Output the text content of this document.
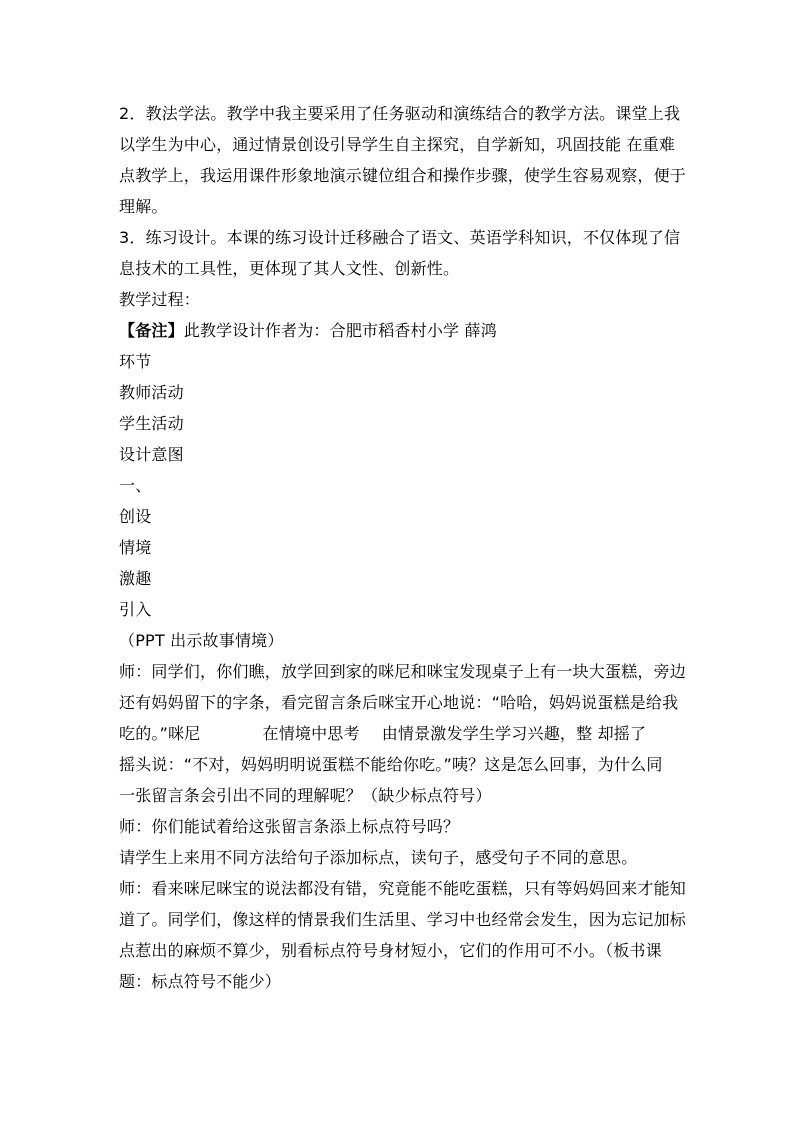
2．教法学法。教学中我主要采用了任务驱动和演练结合的教学方法。课堂上我
以学生为中心，通过情景创设引导学生自主探究，自学新知，巩固技能 在重难
点教学上，我运用课件形象地演示键位组合和操作步骤，使学生容易观察，便于
理解。
3．练习设计。本课的练习设计迁移融合了语文、英语学科知识，不仅体现了信
息技术的工具性，更体现了其人文性、创新性。
教学过程：
【备注】此教学设计作者为：合肥市稻香村小学 薛鸿
环节
教师活动
学生活动
设计意图
一、
创设
情境
激趣
引入
（PPT 出示故事情境）
师：同学们，你们瞧，放学回到家的咪尼和咪宝发现桌子上有一块大蛋糕，旁边
还有妈妈留下的字条，看完留言条后咪宝开心地说：“哈哈，妈妈说蛋糕是给我
吃的。”咪尼	在情境中思考 由情景激发学生学习兴趣，整 却摇了
摇头说：“不对，妈妈明明说蛋糕不能给你吃。”咦？这是怎么回事，为什么同
一张留言条会引出不同的理解呢？（缺少标点符号）
师：你们能试着给这张留言条添上标点符号吗？
请学生上来用不同方法给句子添加标点，读句子，感受句子不同的意思。
师：看来咪尼咪宝的说法都没有错，究竟能不能吃蛋糕，只有等妈妈回来才能知
道了。同学们，像这样的情景我们生活里、学习中也经常会发生，因为忘记加标
点惹出的麻烦不算少，别看标点符号身材短小，它们的作用可不小。（板书课
题：标点符号不能少）
